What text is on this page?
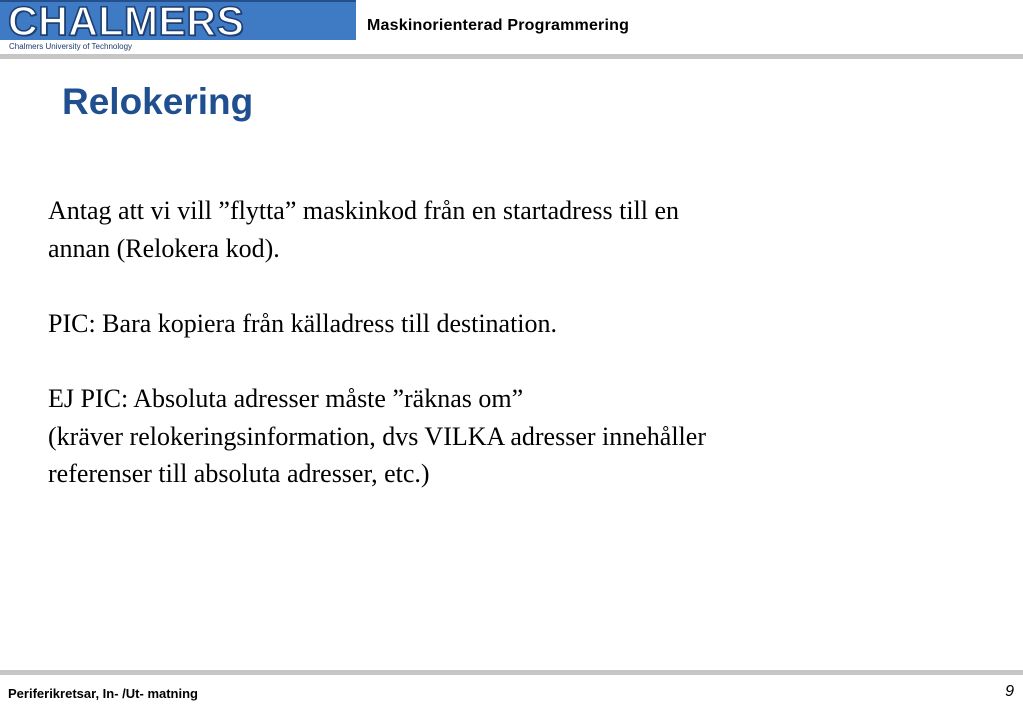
CHALMERS
Chalmers University of Technology
Maskinorienterad Programmering
Relokering

Antag att vi vill ”flytta” maskinkod från en startadress till en
annan (Relokera kod).

PIC: Bara kopiera från källadress till destination.

EJ PIC: Absoluta adresser måste ”räknas om”
(kräver relokeringsinformation, dvs VILKA adresser innehåller
referenser till absoluta adresser, etc.)

Periferikretsar, In- /Ut- matning	9
